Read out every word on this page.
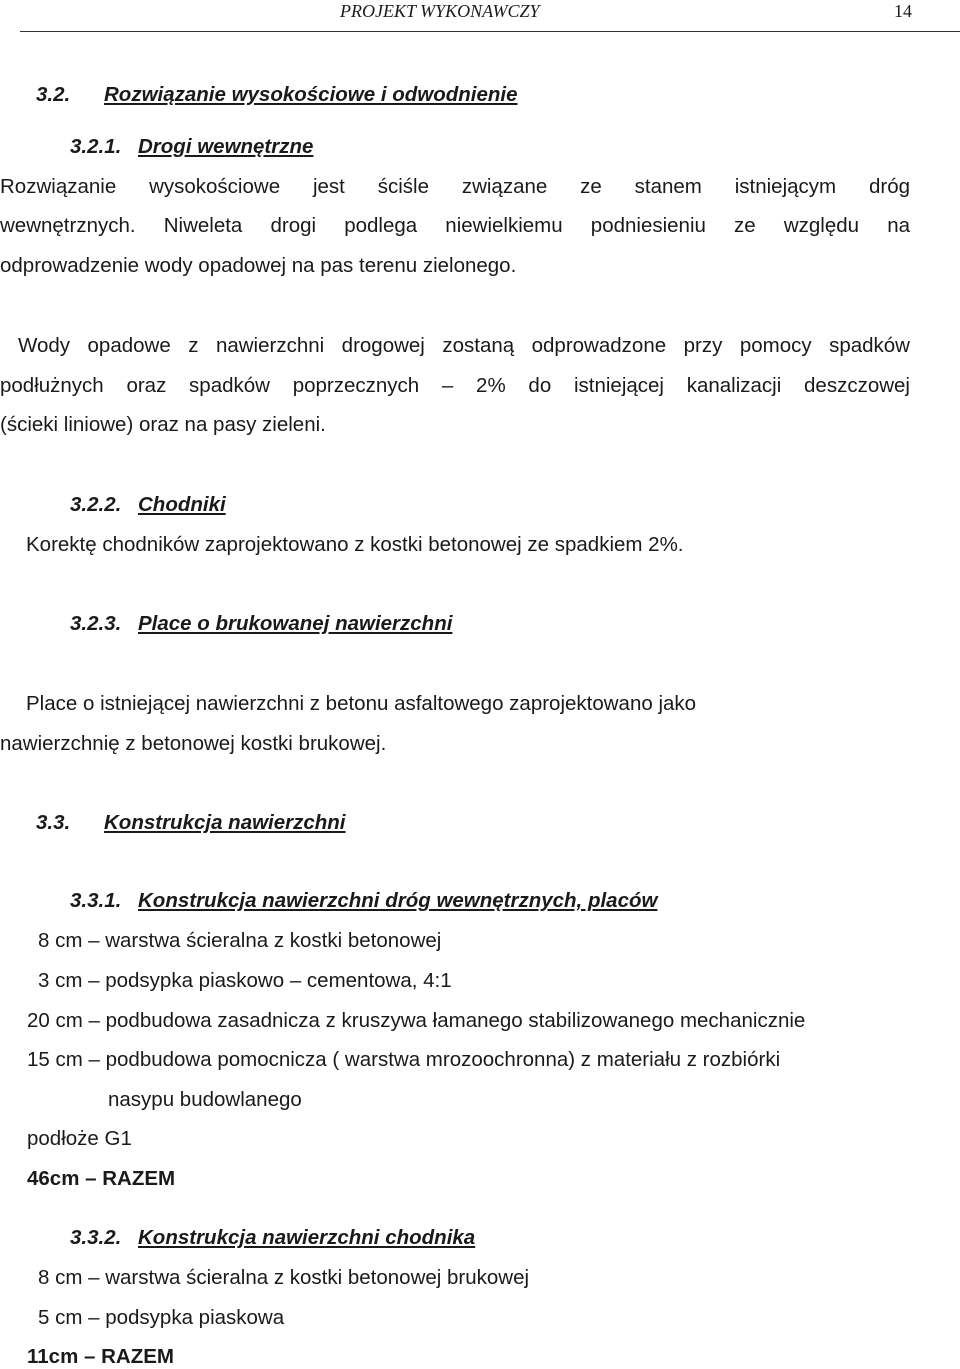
PROJEKT WYKONAWCZY	14
3.2. Rozwiązanie wysokościowe i odwodnienie
3.2.1. Drogi wewnętrzne
Rozwiązanie wysokościowe jest ściśle związane ze stanem istniejącym dróg
wewnętrznych. Niweleta drogi podlega niewielkiemu podniesieniu ze względu na
odprowadzenie wody opadowej na pas terenu zielonego.
Wody opadowe z nawierzchni drogowej zostaną odprowadzone przy pomocy spadków
podłużnych oraz spadków poprzecznych – 2% do istniejącej kanalizacji deszczowej
(ścieki liniowe) oraz na pasy zieleni.
3.2.2. Chodniki
Korektę chodników zaprojektowano z kostki betonowej ze spadkiem 2%.
3.2.3. Place o brukowanej nawierzchni
Place o istniejącej nawierzchni z betonu asfaltowego zaprojektowano jako
nawierzchnię z betonowej kostki brukowej.
3.3. Konstrukcja nawierzchni
3.3.1. Konstrukcja nawierzchni dróg wewnętrznych, placów
8 cm – warstwa ścieralna z kostki betonowej
3 cm – podsypka piaskowo – cementowa, 4:1
20 cm – podbudowa zasadnicza z kruszywa łamanego stabilizowanego mechanicznie
15 cm – podbudowa pomocnicza ( warstwa mrozoochronna) z materiału z rozbiórki
nasypu budowlanego
podłoże G1
46cm – RAZEM
3.3.2. Konstrukcja nawierzchni chodnika
8 cm – warstwa ścieralna z kostki betonowej brukowej
5 cm – podsypka piaskowa
11cm – RAZEM
